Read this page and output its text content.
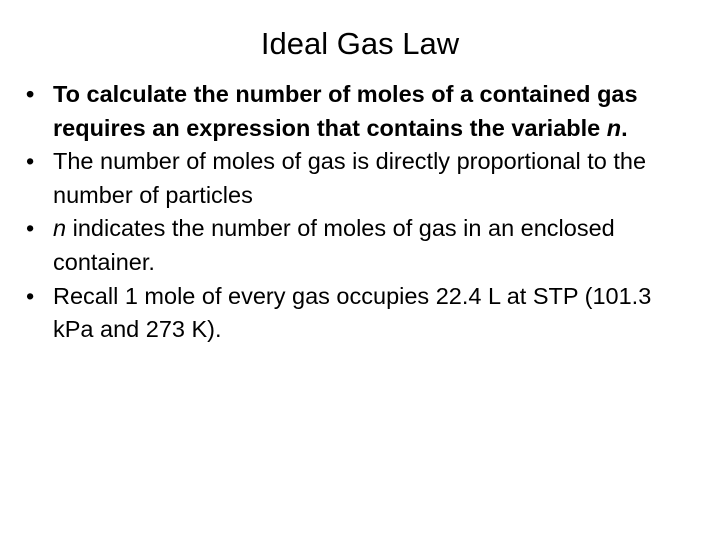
Ideal Gas Law
• To calculate the number of moles of a contained gas requires an expression that contains the variable n.
• The number of moles of gas is directly proportional to the number of particles
• n indicates the number of moles of gas in an enclosed container.
• Recall 1 mole of every gas occupies 22.4 L at STP (101.3 kPa and 273 K).
